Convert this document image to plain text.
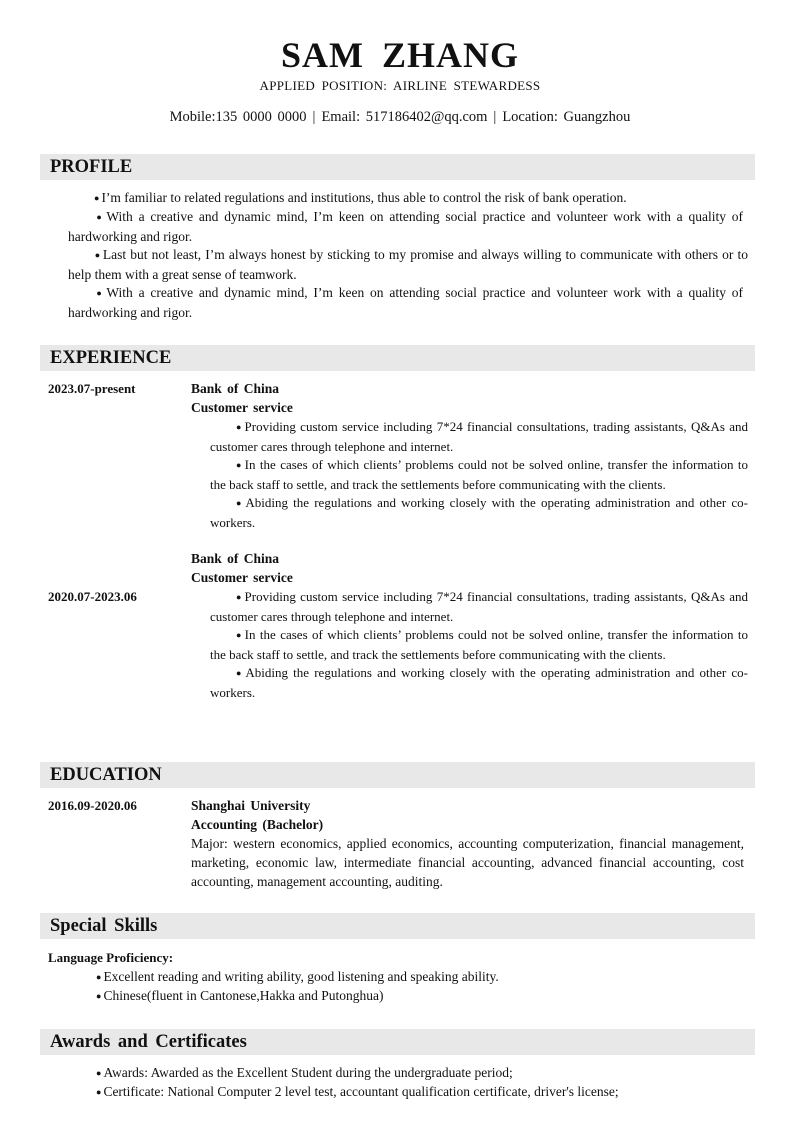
SAM ZHANG
APPLIED POSITION: AIRLINE STEWARDESS
Mobile:135 0000 0000 | Email: 517186402@qq.com | Location: Guangzhou
PROFILE
● I’m familiar to related regulations and institutions, thus able to control the risk of bank operation.
● With a creative and dynamic mind, I’m keen on attending social practice and volunteer work with a quality of hardworking and rigor.
● Last but not least, I’m always honest by sticking to my promise and always willing to communicate with others or to help them with a great sense of teamwork.
● With a creative and dynamic mind, I’m keen on attending social practice and volunteer work with a quality of hardworking and rigor.
EXPERIENCE
2023.07-present	Bank of China
Customer service
● Providing custom service including 7*24 financial consultations, trading assistants, Q&As and customer cares through telephone and internet.
● In the cases of which clients’ problems could not be solved online, transfer the information to the back staff to settle, and track the settlements before communicating with the clients.
● Abiding the regulations and working closely with the operating administration and other co-workers.
Bank of China
Customer service
2020.07-2023.06	● Providing custom service including 7*24 financial consultations, trading assistants, Q&As and customer cares through telephone and internet.
● In the cases of which clients’ problems could not be solved online, transfer the information to the back staff to settle, and track the settlements before communicating with the clients.
● Abiding the regulations and working closely with the operating administration and other co-workers.
EDUCATION
2016.09-2020.06	Shanghai University
Accounting (Bachelor)
Major: western economics, applied economics, accounting computerization, financial management, marketing, economic law, intermediate financial accounting, advanced financial accounting, cost accounting, management accounting, auditing.
Special Skills
Language Proficiency:
● Excellent reading and writing ability, good listening and speaking ability.
● Chinese(fluent in Cantonese,Hakka and Putonghua)
Awards and Certificates
● Awards: Awarded as the Excellent Student during the undergraduate period;
● Certificate: National Computer 2 level test, accountant qualification certificate, driver's license;
